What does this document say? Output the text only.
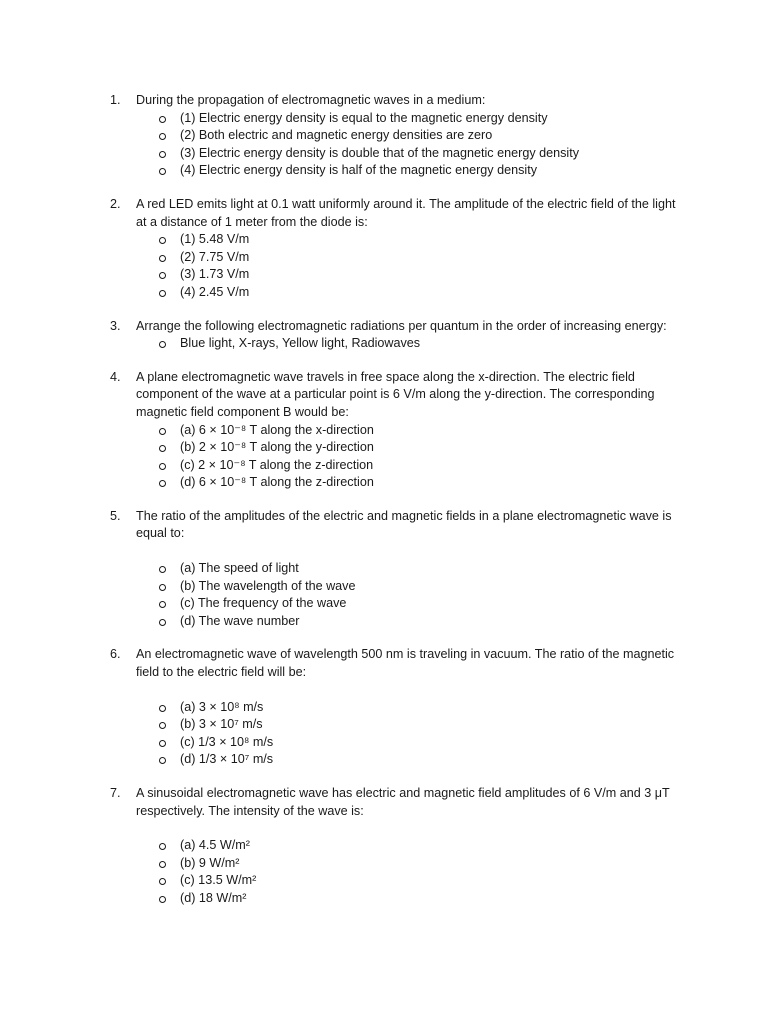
1.	During the propagation of electromagnetic waves in a medium:
(1) Electric energy density is equal to the magnetic energy density
(2) Both electric and magnetic energy densities are zero
(3) Electric energy density is double that of the magnetic energy density
(4) Electric energy density is half of the magnetic energy density
2.	A red LED emits light at 0.1 watt uniformly around it. The amplitude of the electric field of the light at a distance of 1 meter from the diode is:
(1) 5.48 V/m
(2) 7.75 V/m
(3) 1.73 V/m
(4) 2.45 V/m
3.	Arrange the following electromagnetic radiations per quantum in the order of increasing energy:
Blue light, X-rays, Yellow light, Radiowaves
4.	A plane electromagnetic wave travels in free space along the x-direction. The electric field component of the wave at a particular point is 6 V/m along the y-direction. The corresponding magnetic field component B would be:
(a) 6 × 10⁻⁸ T along the x-direction
(b) 2 × 10⁻⁸ T along the y-direction
(c) 2 × 10⁻⁸ T along the z-direction
(d) 6 × 10⁻⁸ T along the z-direction
5.	The ratio of the amplitudes of the electric and magnetic fields in a plane electromagnetic wave is equal to:
(a) The speed of light
(b) The wavelength of the wave
(c) The frequency of the wave
(d) The wave number
6.	An electromagnetic wave of wavelength 500 nm is traveling in vacuum. The ratio of the magnetic field to the electric field will be:
(a) 3 × 10⁸ m/s
(b) 3 × 10⁷ m/s
(c) 1/3 × 10⁸ m/s
(d) 1/3 × 10⁷ m/s
7.	A sinusoidal electromagnetic wave has electric and magnetic field amplitudes of 6 V/m and 3 μT respectively. The intensity of the wave is:
(a) 4.5 W/m²
(b) 9 W/m²
(c) 13.5 W/m²
(d) 18 W/m²
